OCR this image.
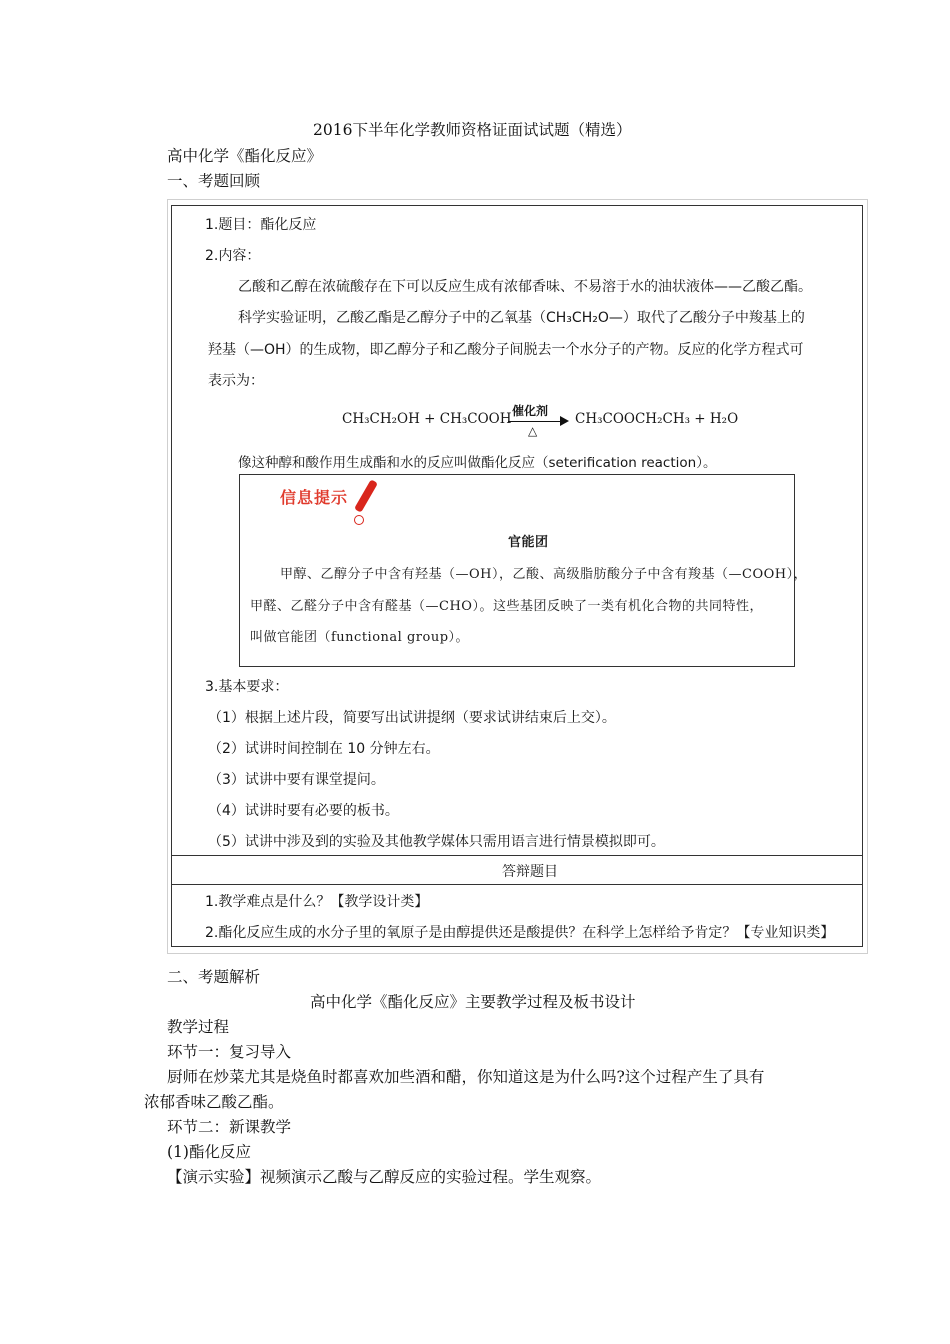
2016下半年化学教师资格证面试试题（精选）
高中化学《酯化反应》
一、考题回顾
1.题目：酯化反应
2.内容：
乙酸和乙醇在浓硫酸存在下可以反应生成有浓郁香味、不易溶于水的油状液体——乙酸乙酯。
科学实验证明，乙酸乙酯是乙醇分子中的乙氧基（CH₃CH₂O—）取代了乙酸分子中羧基上的
羟基（—OH）的生成物，即乙醇分子和乙酸分子间脱去一个水分子的产物。反应的化学方程式可
表示为：
CH₃CH₂OH + CH₃COOH 催化剂
△
CH₃COOCH₂CH₃ + H₂O
像这种醇和酸作用生成酯和水的反应叫做酯化反应（seterification reaction）。
信息提示
官能团
甲醇、乙醇分子中含有羟基（—OH），乙酸、高级脂肪酸分子中含有羧基（—COOH），
甲醛、乙醛分子中含有醛基（—CHO）。这些基团反映了一类有机化合物的共同特性，
叫做官能团（functional group）。
3.基本要求：
（1）根据上述片段，简要写出试讲提纲（要求试讲结束后上交）。
（2）试讲时间控制在 10 分钟左右。
（3）试讲中要有课堂提问。
（4）试讲时要有必要的板书。
（5）试讲中涉及到的实验及其他教学媒体只需用语言进行情景模拟即可。
答辩题目
1.教学难点是什么？【教学设计类】
2.酯化反应生成的水分子里的氧原子是由醇提供还是酸提供？在科学上怎样给予肯定？【专业知识类】
二、考题解析
高中化学《酯化反应》主要教学过程及板书设计
教学过程
环节一：复习导入
厨师在炒菜尤其是烧鱼时都喜欢加些酒和醋，你知道这是为什么吗?这个过程产生了具有
浓郁香味乙酸乙酯。
环节二：新课教学
(1)酯化反应
【演示实验】视频演示乙酸与乙醇反应的实验过程。学生观察。
